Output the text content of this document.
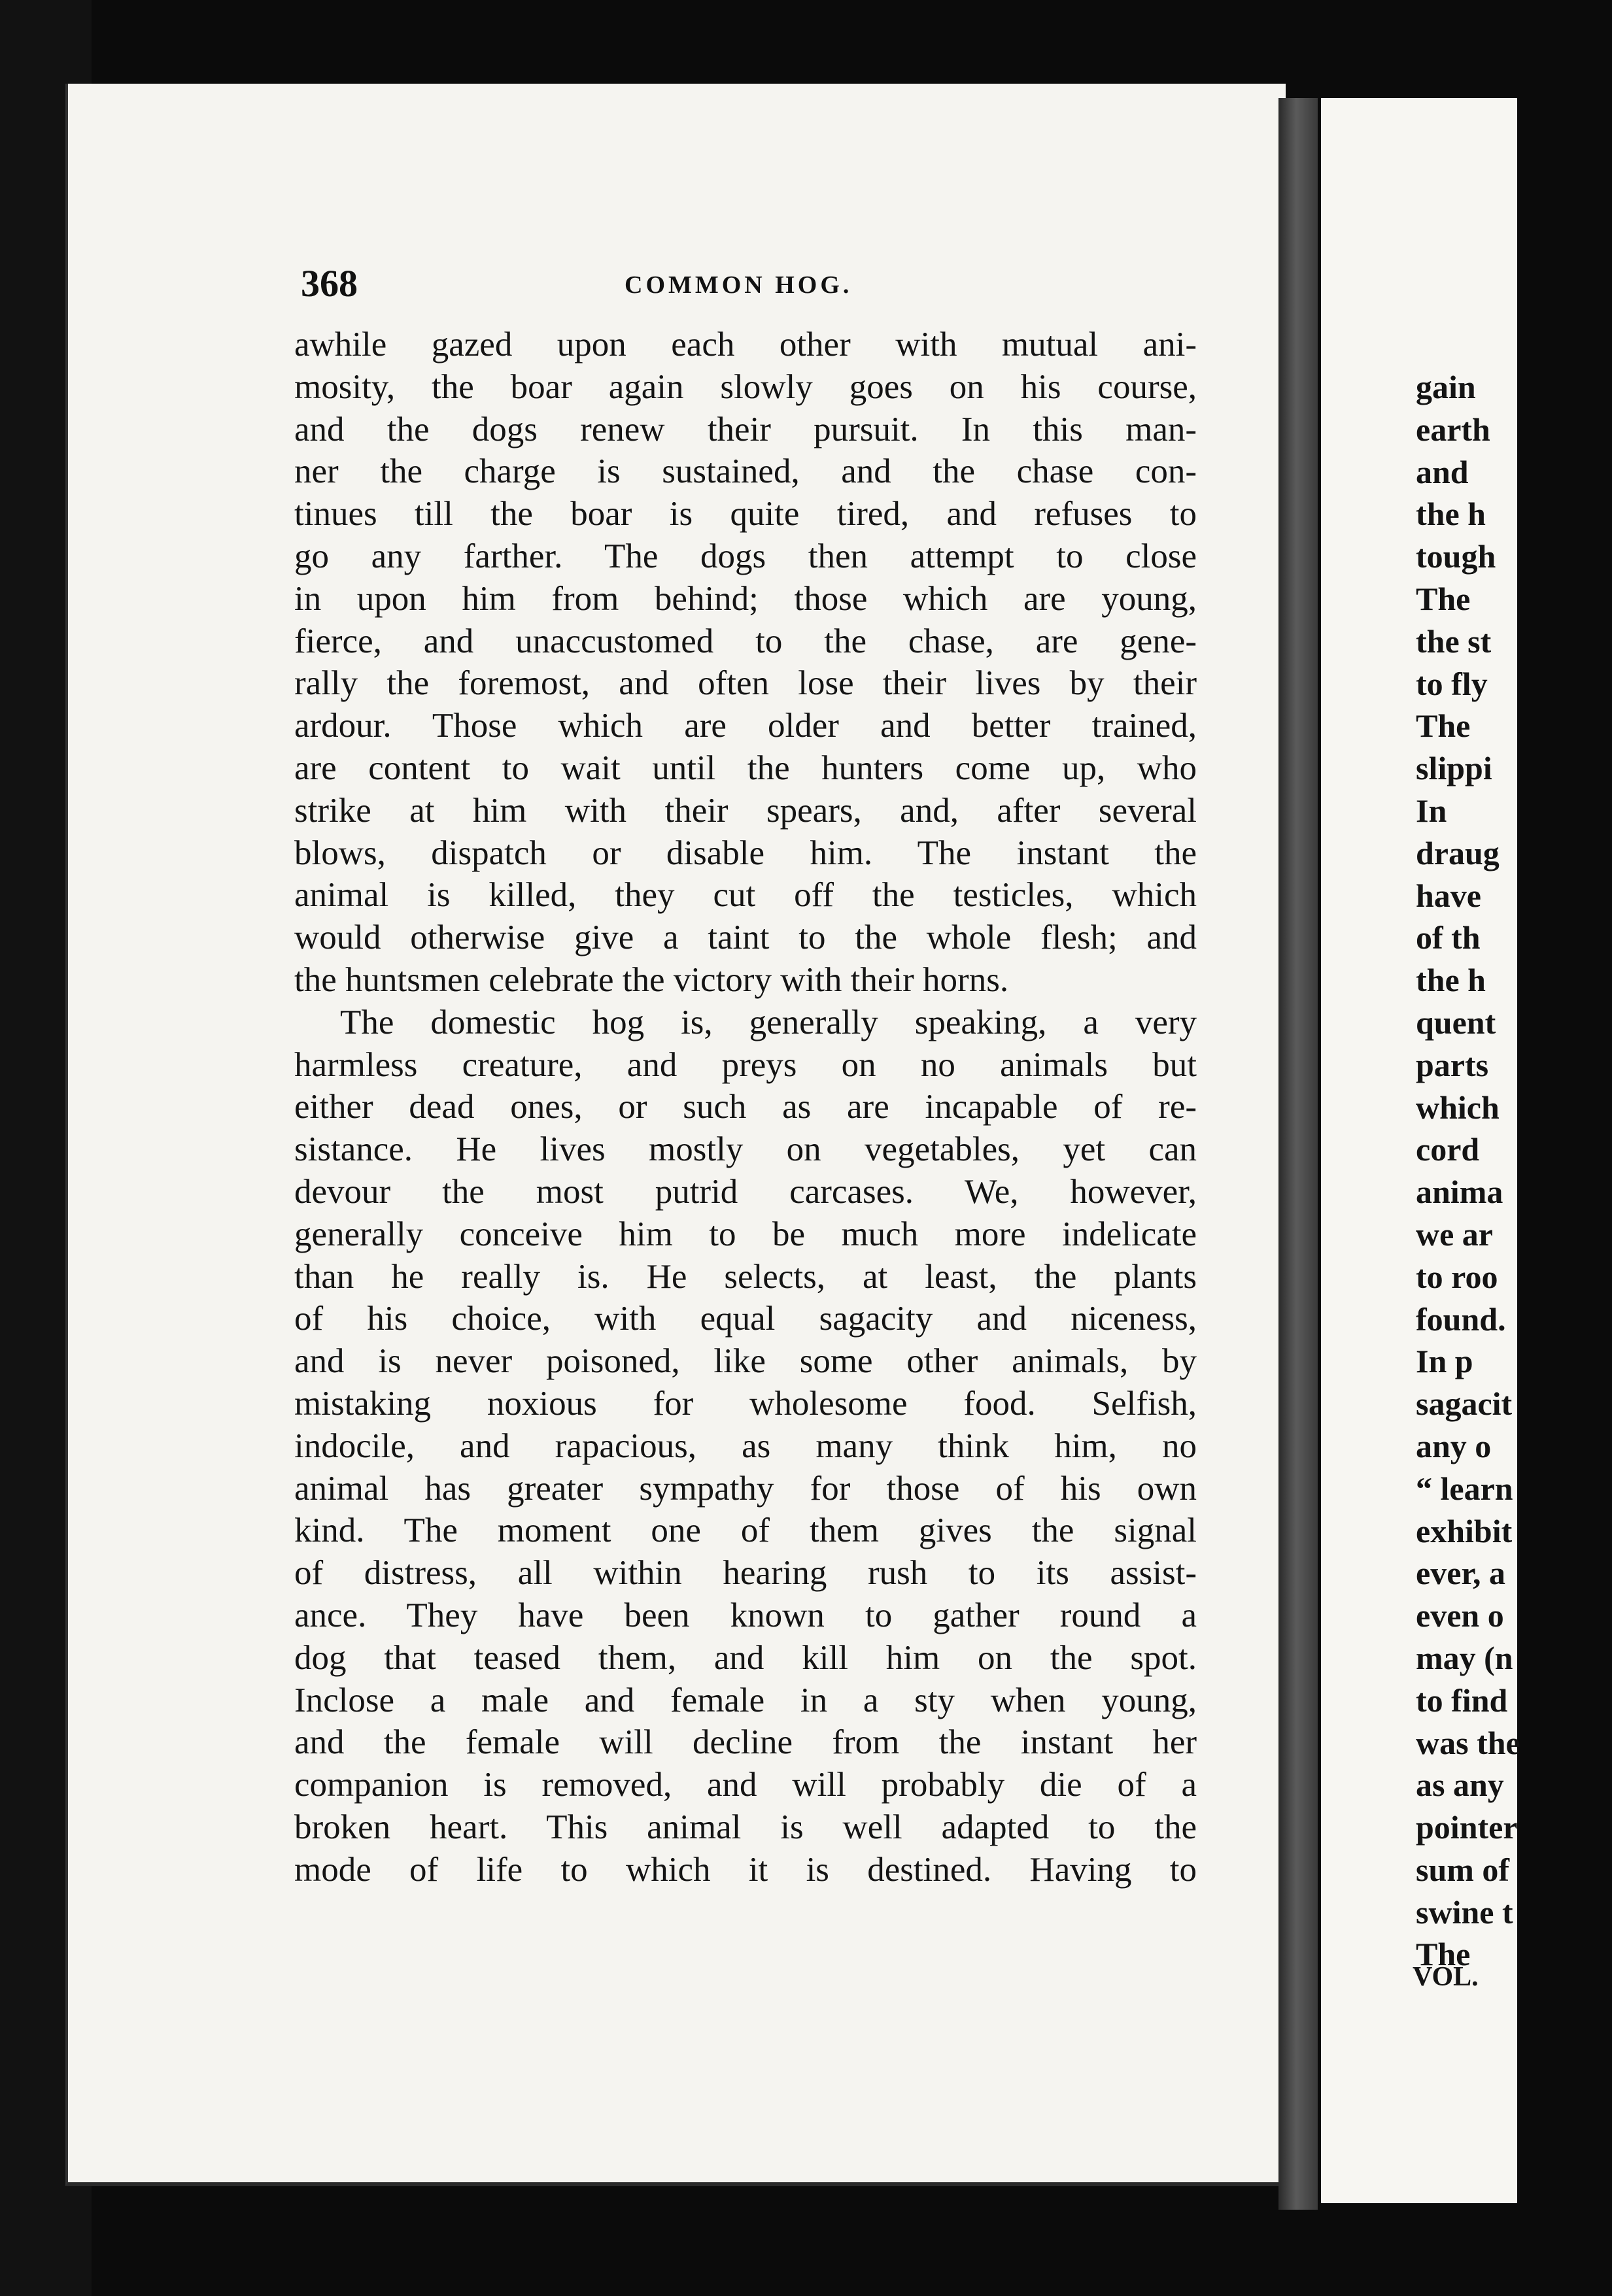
368	COMMON HOG.
awhile gazed upon each other with mutual ani-
mosity, the boar again slowly goes on his course,
and the dogs renew their pursuit. In this man-
ner the charge is sustained, and the chase con-
tinues till the boar is quite tired, and refuses to
go any farther. The dogs then attempt to close
in upon him from behind; those which are young,
fierce, and unaccustomed to the chase, are gene-
rally the foremost, and often lose their lives by their
ardour. Those which are older and better trained,
are content to wait until the hunters come up, who
strike at him with their spears, and, after several
blows, dispatch or disable him. The instant the
animal is killed, they cut off the testicles, which
would otherwise give a taint to the whole flesh; and
the huntsmen celebrate the victory with their horns.
The domestic hog is, generally speaking, a very
harmless creature, and preys on no animals but
either dead ones, or such as are incapable of re-
sistance. He lives mostly on vegetables, yet can
devour the most putrid carcases. We, however,
generally conceive him to be much more indelicate
than he really is. He selects, at least, the plants
of his choice, with equal sagacity and niceness,
and is never poisoned, like some other animals, by
mistaking noxious for wholesome food. Selfish,
indocile, and rapacious, as many think him, no
animal has greater sympathy for those of his own
kind. The moment one of them gives the signal
of distress, all within hearing rush to its assist-
ance. They have been known to gather round a
dog that teased them, and kill him on the spot.
Inclose a male and female in a sty when young,
and the female will decline from the instant her
companion is removed, and will probably die of a
broken heart. This animal is well adapted to the
mode of life to which it is destined. Having to
gain
earth
and
the h
tough
The
the st
to fly
The
slippi
In
draug
have
of th
the h
quent
parts
which
cord
anima
we ar
to roo
found.
In p
sagacit
any o
“ learn
exhibit
ever, a
even o
may (n
to find
was the
as any
pointer
sum of
swine t
The
VOL.
